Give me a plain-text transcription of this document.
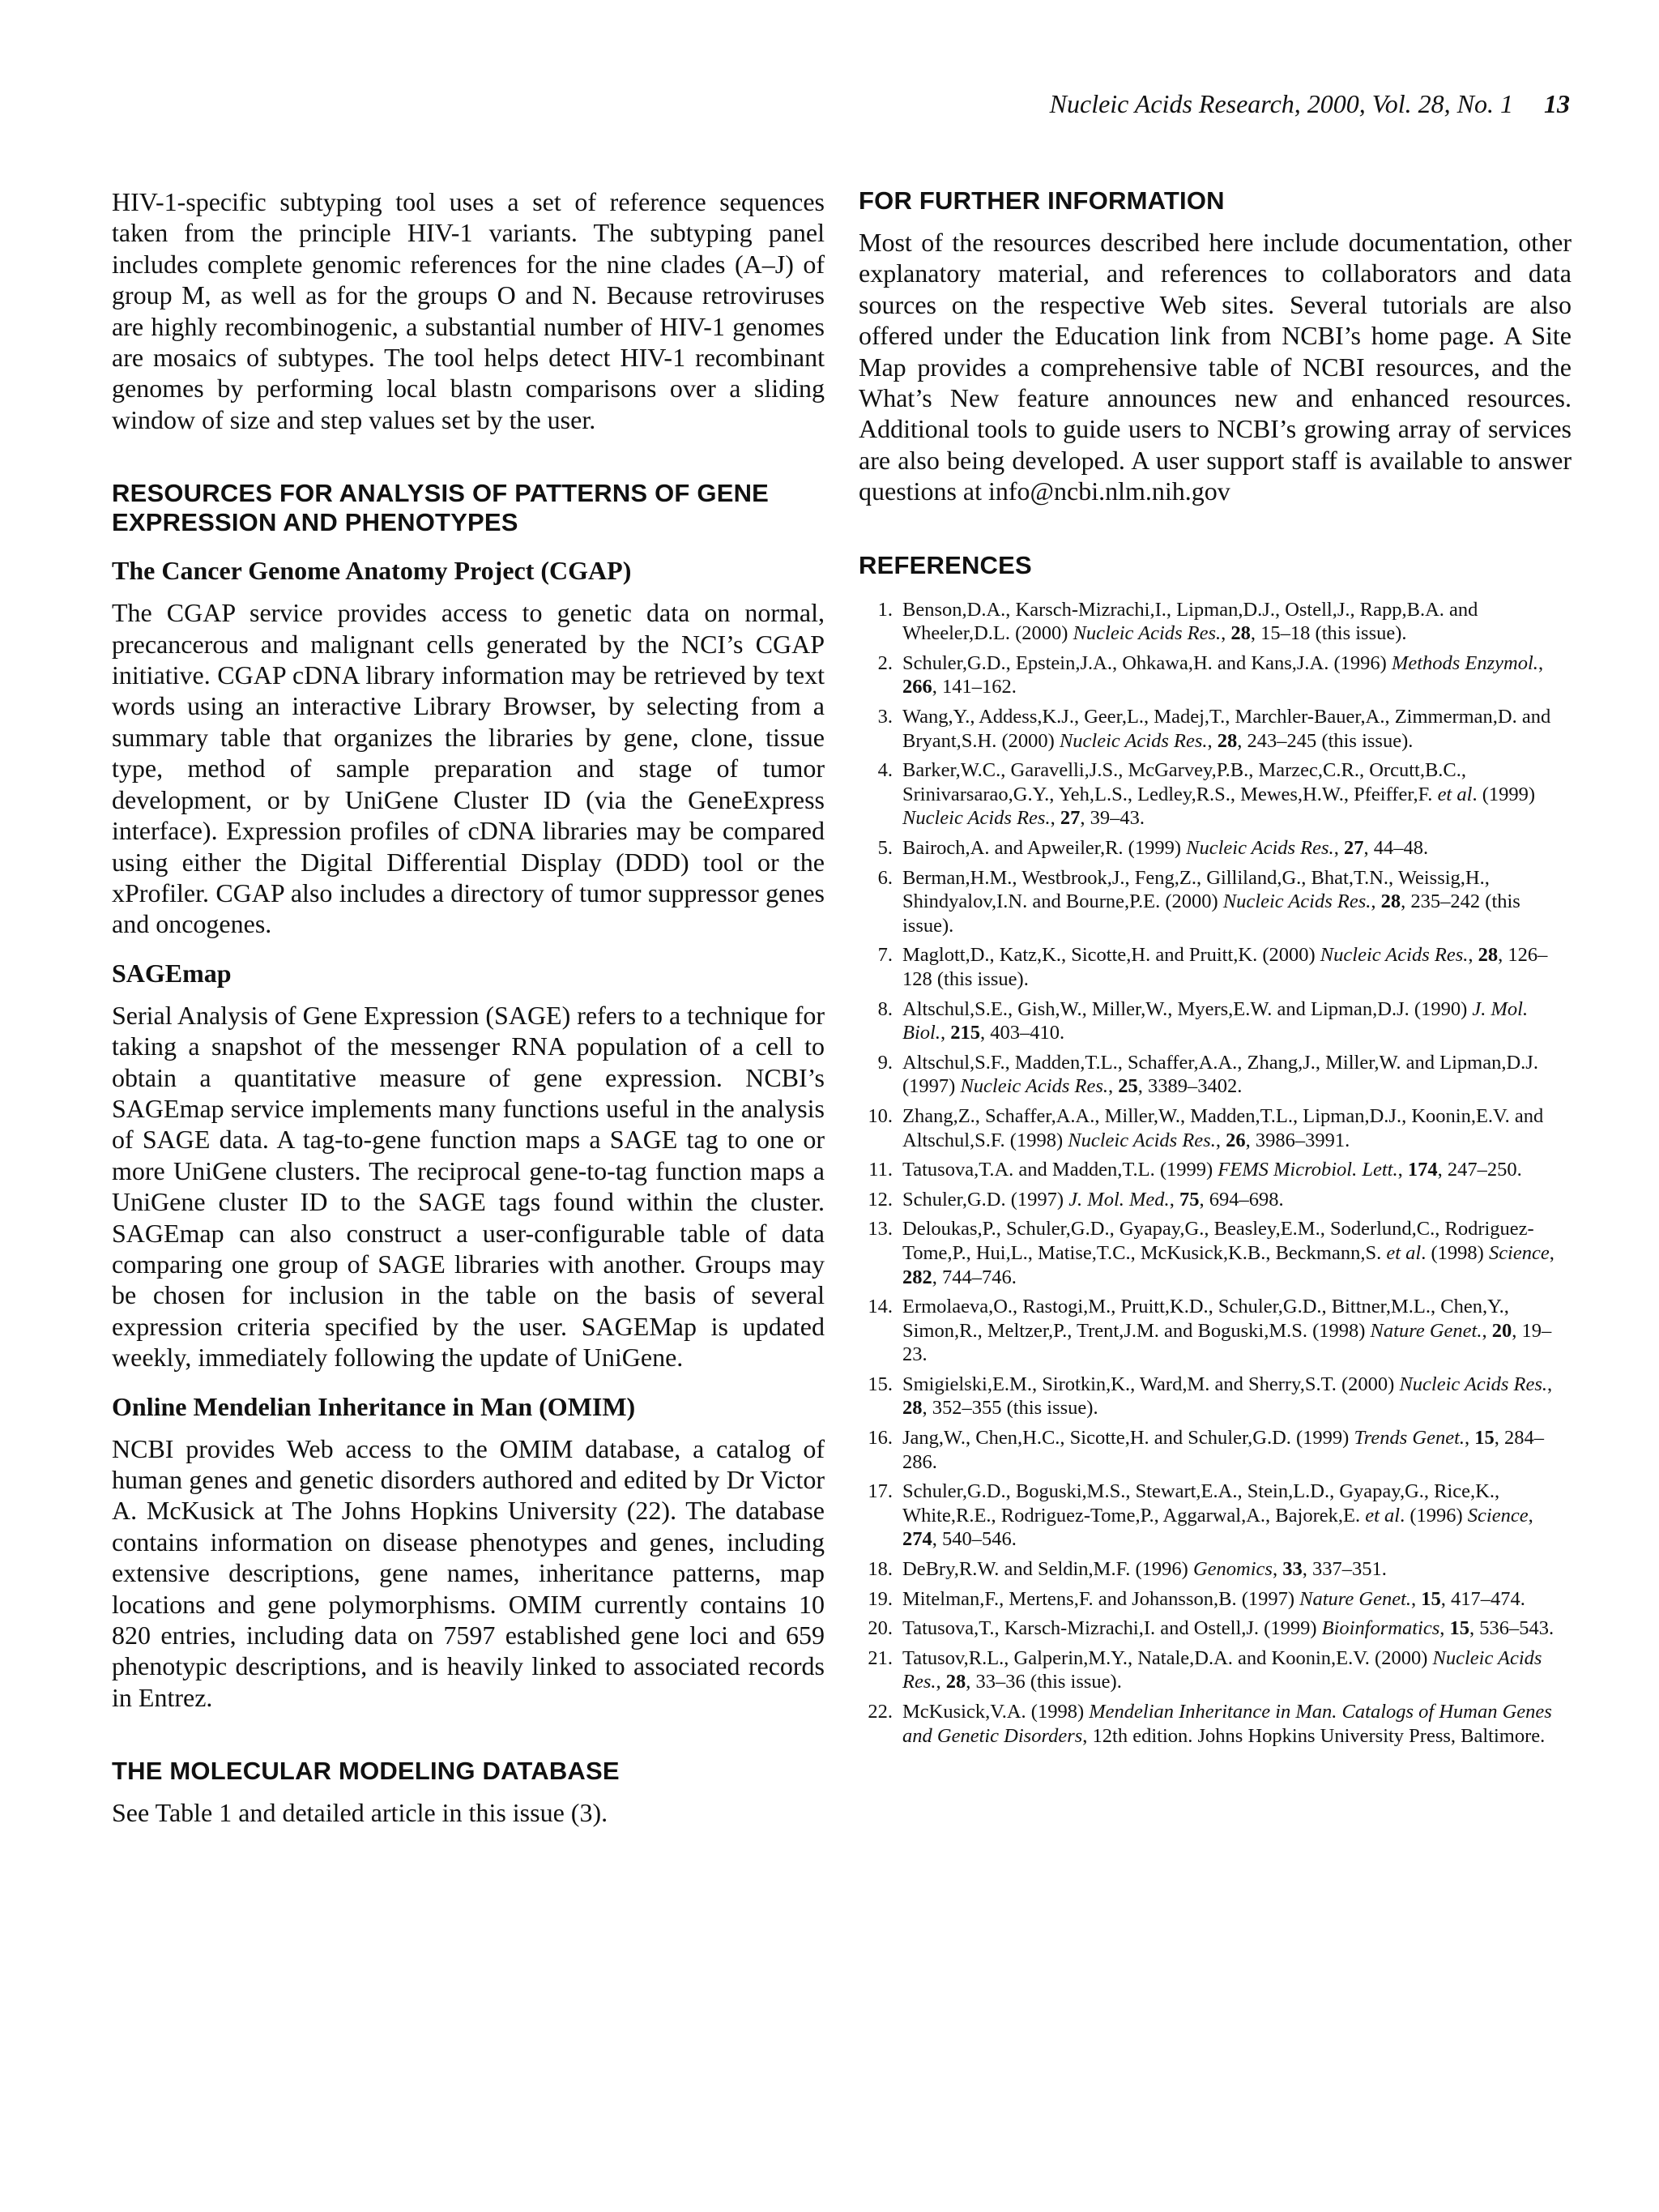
Nucleic Acids Research, 2000, Vol. 28, No. 1 13

HIV-1-specific subtyping tool uses a set of reference sequences taken from the principle HIV-1 variants. The subtyping panel includes complete genomic references for the nine clades (A–J) of group M, as well as for the groups O and N. Because retroviruses are highly recombinogenic, a substantial number of HIV-1 genomes are mosaics of subtypes. The tool helps detect HIV-1 recombinant genomes by performing local blastn comparisons over a sliding window of size and step values set by the user.

RESOURCES FOR ANALYSIS OF PATTERNS OF GENE EXPRESSION AND PHENOTYPES
The Cancer Genome Anatomy Project (CGAP)

The CGAP service provides access to genetic data on normal, precancerous and malignant cells generated by the NCI’s CGAP initiative. CGAP cDNA library information may be retrieved by text words using an interactive Library Browser, by selecting from a summary table that organizes the libraries by gene, clone, tissue type, method of sample preparation and stage of tumor development, or by UniGene Cluster ID (via the GeneExpress interface). Expression profiles of cDNA libraries may be compared using either the Digital Differential Display (DDD) tool or the xProfiler. CGAP also includes a directory of tumor suppressor genes and oncogenes.

SAGEmap

Serial Analysis of Gene Expression (SAGE) refers to a technique for taking a snapshot of the messenger RNA population of a cell to obtain a quantitative measure of gene expression. NCBI’s SAGEmap service implements many functions useful in the analysis of SAGE data. A tag-to-gene function maps a SAGE tag to one or more UniGene clusters. The reciprocal gene-to-tag function maps a UniGene cluster ID to the SAGE tags found within the cluster. SAGEmap can also construct a user-configurable table of data comparing one group of SAGE libraries with another. Groups may be chosen for inclusion in the table on the basis of several expression criteria specified by the user. SAGEMap is updated weekly, immediately following the update of UniGene.

Online Mendelian Inheritance in Man (OMIM)

NCBI provides Web access to the OMIM database, a catalog of human genes and genetic disorders authored and edited by Dr Victor A. McKusick at The Johns Hopkins University (22). The database contains information on disease phenotypes and genes, including extensive descriptions, gene names, inheritance patterns, map locations and gene polymorphisms. OMIM currently contains 10 820 entries, including data on 7597 established gene loci and 659 phenotypic descriptions, and is heavily linked to associated records in Entrez.

THE MOLECULAR MODELING DATABASE

See Table 1 and detailed article in this issue (3).

FOR FURTHER INFORMATION

Most of the resources described here include documentation, other explanatory material, and references to collaborators and data sources on the respective Web sites. Several tutorials are also offered under the Education link from NCBI’s home page. A Site Map provides a comprehensive table of NCBI resources, and the What’s New feature announces new and enhanced resources. Additional tools to guide users to NCBI’s growing array of services are also being developed. A user support staff is available to answer questions at info@ncbi.nlm.nih.gov

REFERENCES
1. Benson,D.A., Karsch-Mizrachi,I., Lipman,D.J., Ostell,J., Rapp,B.A. and Wheeler,D.L. (2000) Nucleic Acids Res., 28, 15–18 (this issue).
2. Schuler,G.D., Epstein,J.A., Ohkawa,H. and Kans,J.A. (1996) Methods Enzymol., 266, 141–162.
3. Wang,Y., Addess,K.J., Geer,L., Madej,T., Marchler-Bauer,A., Zimmerman,D. and Bryant,S.H. (2000) Nucleic Acids Res., 28, 243–245 (this issue).
4. Barker,W.C., Garavelli,J.S., McGarvey,P.B., Marzec,C.R., Orcutt,B.C., Srinivarsarao,G.Y., Yeh,L.S., Ledley,R.S., Mewes,H.W., Pfeiffer,F. et al. (1999) Nucleic Acids Res., 27, 39–43.
5. Bairoch,A. and Apweiler,R. (1999) Nucleic Acids Res., 27, 44–48.
6. Berman,H.M., Westbrook,J., Feng,Z., Gilliland,G., Bhat,T.N., Weissig,H., Shindyalov,I.N. and Bourne,P.E. (2000) Nucleic Acids Res., 28, 235–242 (this issue).
7. Maglott,D., Katz,K., Sicotte,H. and Pruitt,K. (2000) Nucleic Acids Res., 28, 126–128 (this issue).
8. Altschul,S.E., Gish,W., Miller,W., Myers,E.W. and Lipman,D.J. (1990) J. Mol. Biol., 215, 403–410.
9. Altschul,S.F., Madden,T.L., Schaffer,A.A., Zhang,J., Miller,W. and Lipman,D.J. (1997) Nucleic Acids Res., 25, 3389–3402.
10. Zhang,Z., Schaffer,A.A., Miller,W., Madden,T.L., Lipman,D.J., Koonin,E.V. and Altschul,S.F. (1998) Nucleic Acids Res., 26, 3986–3991.
11. Tatusova,T.A. and Madden,T.L. (1999) FEMS Microbiol. Lett., 174, 247–250.
12. Schuler,G.D. (1997) J. Mol. Med., 75, 694–698.
13. Deloukas,P., Schuler,G.D., Gyapay,G., Beasley,E.M., Soderlund,C., Rodriguez-Tome,P., Hui,L., Matise,T.C., McKusick,K.B., Beckmann,S. et al. (1998) Science, 282, 744–746.
14. Ermolaeva,O., Rastogi,M., Pruitt,K.D., Schuler,G.D., Bittner,M.L., Chen,Y., Simon,R., Meltzer,P., Trent,J.M. and Boguski,M.S. (1998) Nature Genet., 20, 19–23.
15. Smigielski,E.M., Sirotkin,K., Ward,M. and Sherry,S.T. (2000) Nucleic Acids Res., 28, 352–355 (this issue).
16. Jang,W., Chen,H.C., Sicotte,H. and Schuler,G.D. (1999) Trends Genet., 15, 284–286.
17. Schuler,G.D., Boguski,M.S., Stewart,E.A., Stein,L.D., Gyapay,G., Rice,K., White,R.E., Rodriguez-Tome,P., Aggarwal,A., Bajorek,E. et al. (1996) Science, 274, 540–546.
18. DeBry,R.W. and Seldin,M.F. (1996) Genomics, 33, 337–351.
19. Mitelman,F., Mertens,F. and Johansson,B. (1997) Nature Genet., 15, 417–474.
20. Tatusova,T., Karsch-Mizrachi,I. and Ostell,J. (1999) Bioinformatics, 15, 536–543.
21. Tatusov,R.L., Galperin,M.Y., Natale,D.A. and Koonin,E.V. (2000) Nucleic Acids Res., 28, 33–36 (this issue).
22. McKusick,V.A. (1998) Mendelian Inheritance in Man. Catalogs of Human Genes and Genetic Disorders, 12th edition. Johns Hopkins University Press, Baltimore.
